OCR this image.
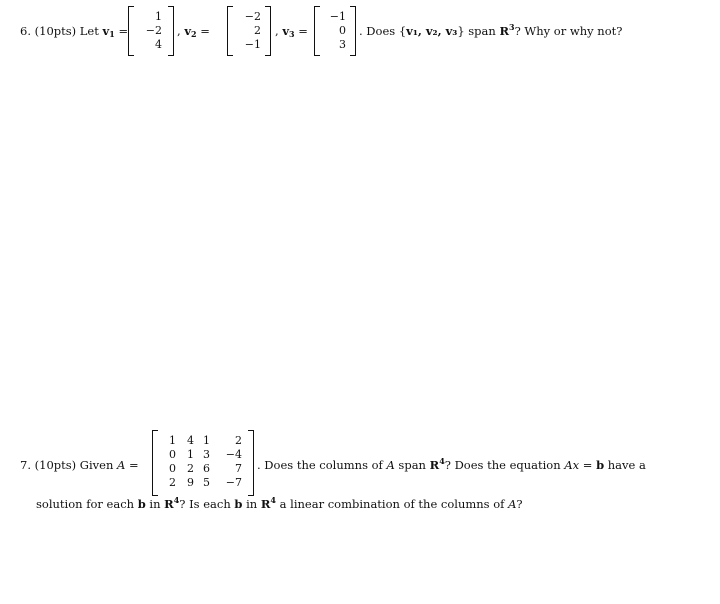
6. (10pts) Let $v_1$ =
1
−2
4
, $v_2$ =
−2
2
−1
, $v_3$ =
−1
0
3
. Does {v₁, v₂, v₃} span $R^3$? Why or why not?
7. (10pts) Given A =
1
0
0
2
4
1
2
9
1
3
6
5
2
−4
7
−7
. Does the columns of A span $R^4$? Does the equation Ax = b have a
solution for each b in $R^4$? Is each b in $R^4$ a linear combination of the columns of A?
